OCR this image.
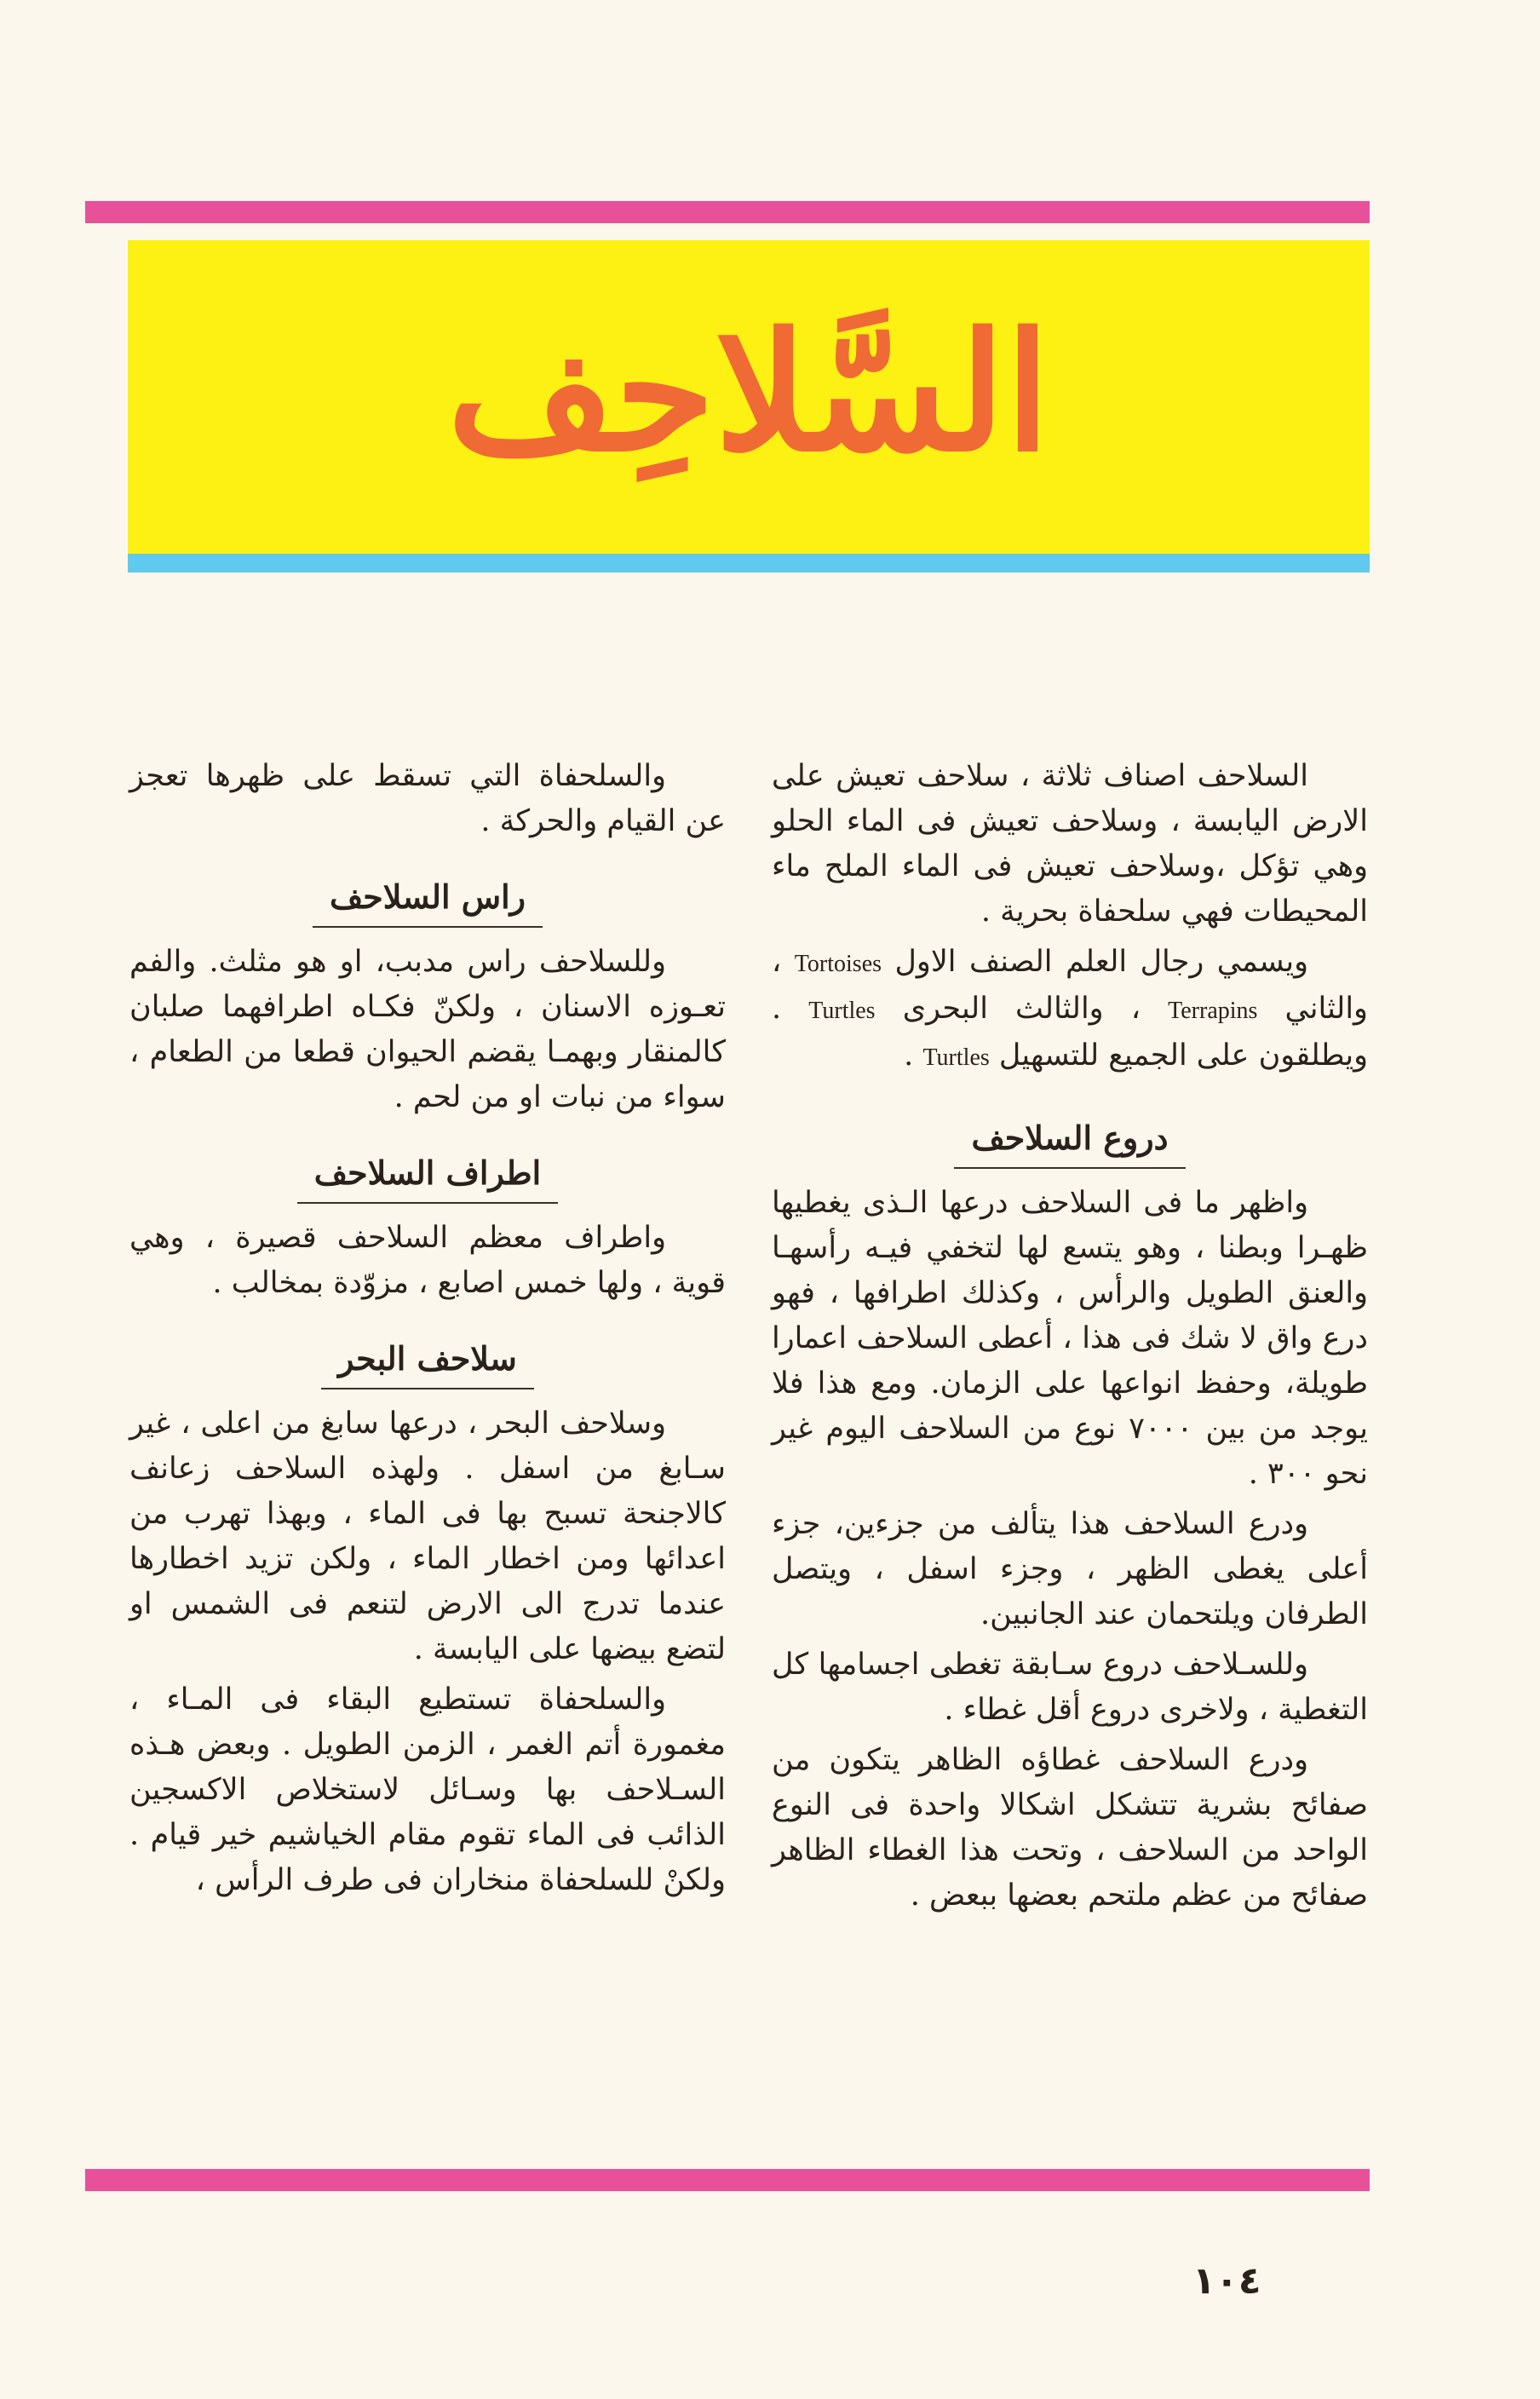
السَّلاحِف

السلاحف اصناف ثلاثة ، سلاحف تعيش على الارض اليابسة ، وسلاحف تعيش فى الماء الحلو وهي تؤكل ،وسلاحف تعيش فى الماء الملح ماء المحيطات فهي سلحفاة بحرية .

ويسمي رجال العلم الصنف الاول Tortoises ، والثاني Terrapins ، والثالث البحرى Turtles . ويطلقون على الجميع للتسهيل Turtles .

دروع السلاحف

واظهر ما فى السلاحف درعها الـذى يغطيها ظهـرا وبطنا ، وهو يتسع لها لتخفي فيـه رأسهـا والعنق الطويل والرأس ، وكذلك اطرافها ، فهو درع واق لا شك فى هذا ، أعطى السلاحف اعمارا طويلة، وحفظ انواعها على الزمان. ومع هذا فلا يوجد من بين ۷۰۰۰ نوع من السلاحف اليوم غير نحو ۳۰۰ .

ودرع السلاحف هذا يتألف من جزءين، جزء أعلى يغطى الظهر ، وجزء اسفل ، ويتصل الطرفان ويلتحمان عند الجانبين.

وللسـلاحف دروع سـابقة تغطى اجسامها كل التغطية ، ولاخرى دروع أقل غطاء .

ودرع السلاحف غطاؤه الظاهر يتكون من صفائح بشرية تتشكل اشكالا واحدة فى النوع الواحد من السلاحف ، وتحت هذا الغطاء الظاهر صفائح من عظم ملتحم بعضها ببعض .

والسلحفاة التي تسقط على ظهرها تعجز عن القيام والحركة .

راس السلاحف

وللسلاحف راس مدبب، او هو مثلث. والفم تعـوزه الاسنان ، ولكنّ فكـاه اطرافهما صلبان كالمنقار وبهمـا يقضم الحيوان قطعا من الطعام ، سواء من نبات او من لحم .

اطراف السلاحف

واطراف معظم السلاحف قصيرة ، وهي قوية ، ولها خمس اصابع ، مزوّدة بمخالب .

سلاحف البحر

وسلاحف البحر ، درعها سابغ من اعلى ، غير سـابغ من اسفل . ولهذه السلاحف زعانف كالاجنحة تسبح بها فى الماء ، وبهذا تهرب من اعدائها ومن اخطار الماء ، ولكن تزيد اخطارها عندما تدرج الى الارض لتنعم فى الشمس او لتضع بيضها على اليابسة .

والسلحفاة تستطيع البقاء فى المـاء ، مغمورة أتم الغمر ، الزمن الطويل . وبعض هـذه السـلاحف بها وسـائل لاستخلاص الاكسجين الذائب فى الماء تقوم مقام الخياشيم خير قيام . ولكنْ للسلحفاة منخاران فى طرف الرأس ،

١٠٤
